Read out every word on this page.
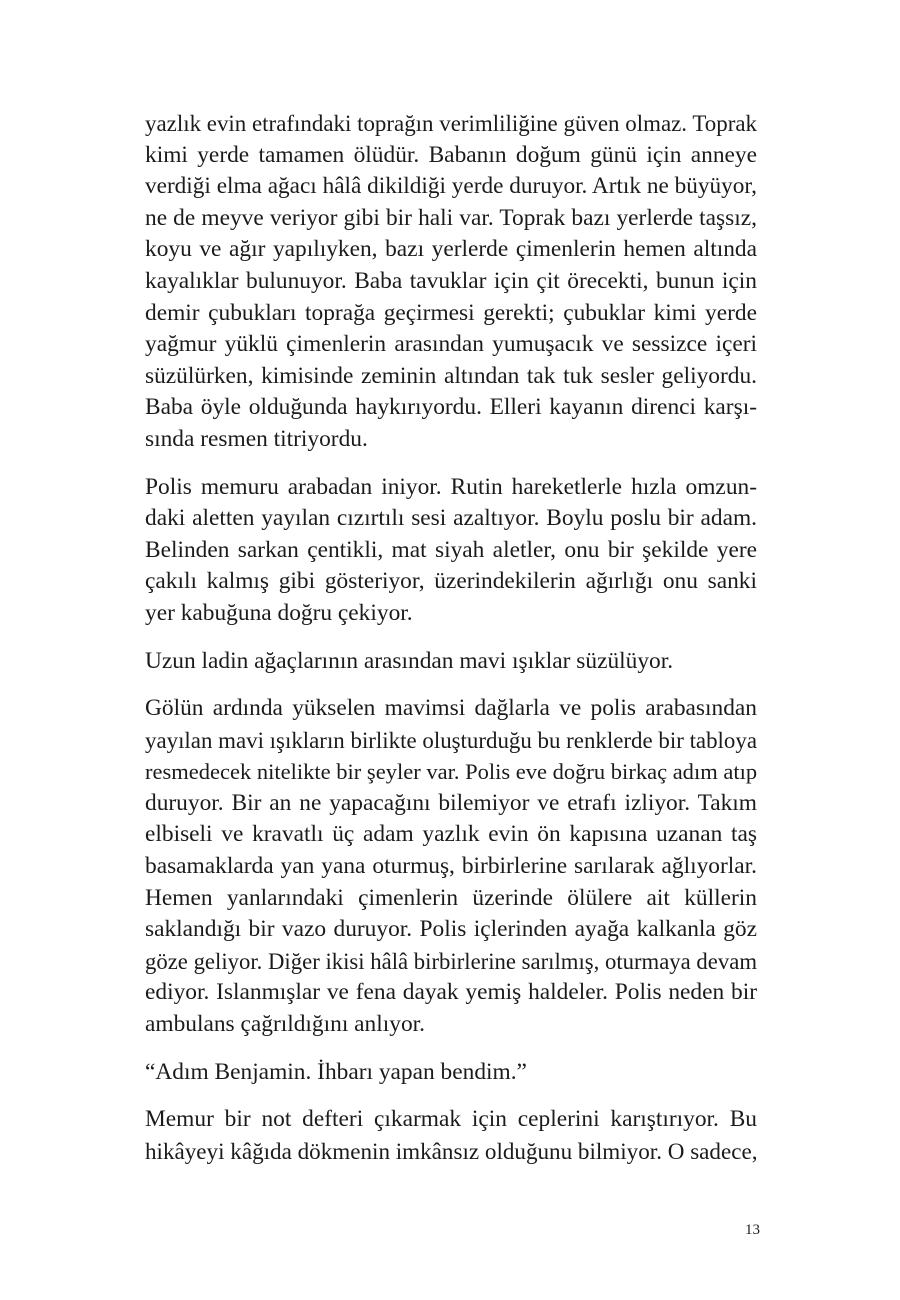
yazlık evin etrafındaki toprağın verimliliğine güven olmaz. Toprak
kimi yerde tamamen ölüdür. Babanın doğum günü için anneye
verdiği elma ağacı hâlâ dikildiği yerde duruyor. Artık ne büyüyor,
ne de meyve veriyor gibi bir hali var. Toprak bazı yerlerde taşsız,
koyu ve ağır yapılıyken, bazı yerlerde çimenlerin hemen altında
kayalıklar bulunuyor. Baba tavuklar için çit örecekti, bunun için
demir çubukları toprağa geçirmesi gerekti; çubuklar kimi yerde
yağmur yüklü çimenlerin arasından yumuşacık ve sessizce içeri
süzülürken, kimisinde zeminin altından tak tuk sesler geliyordu.
Baba öyle olduğunda haykırıyordu. Elleri kayanın direnci karşı-
sında resmen titriyordu.

Polis memuru arabadan iniyor. Rutin hareketlerle hızla omzun-
daki aletten yayılan cızırtılı sesi azaltıyor. Boylu poslu bir adam.
Belinden sarkan çentikli, mat siyah aletler, onu bir şekilde yere
çakılı kalmış gibi gösteriyor, üzerindekilerin ağırlığı onu sanki
yer kabuğuna doğru çekiyor.

Uzun ladin ağaçlarının arasından mavi ışıklar süzülüyor.

Gölün ardında yükselen mavimsi dağlarla ve polis arabasından
yayılan mavi ışıkların birlikte oluşturduğu bu renklerde bir tabloya
resmedecek nitelikte bir şeyler var. Polis eve doğru birkaç adım atıp
duruyor. Bir an ne yapacağını bilemiyor ve etrafı izliyor. Takım
elbiseli ve kravatlı üç adam yazlık evin ön kapısına uzanan taş
basamaklarda yan yana oturmuş, birbirlerine sarılarak ağlıyorlar.
Hemen yanlarındaki çimenlerin üzerinde ölülere ait küllerin
saklandığı bir vazo duruyor. Polis içlerinden ayağa kalkanla göz
göze geliyor. Diğer ikisi hâlâ birbirlerine sarılmış, oturmaya devam
ediyor. Islanmışlar ve fena dayak yemiş haldeler. Polis neden bir
ambulans çağrıldığını anlıyor.

“Adım Benjamin. İhbarı yapan bendim.”

Memur bir not defteri çıkarmak için ceplerini karıştırıyor. Bu
hikâyeyi kâğıda dökmenin imkânsız olduğunu bilmiyor. O sadece,

13
